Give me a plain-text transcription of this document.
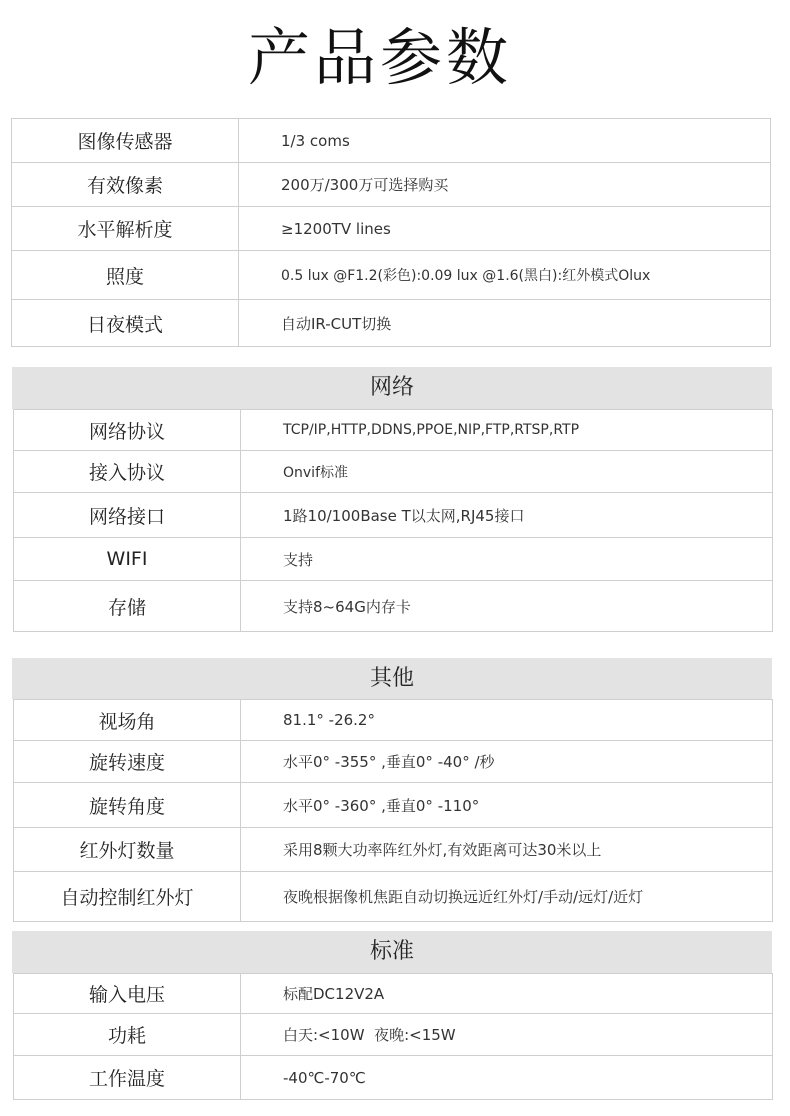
产品参数
图像传感器	1/3 coms
有效像素	200万/300万可选择购买
水平解析度	≥1200TV lines
照度	0.5 lux @F1.2(彩色):0.09 lux @1.6(黑白):红外模式Olux
日夜模式	自动IR-CUT切换
网络
网络协议	TCP/IP,HTTP,DDNS,PPOE,NIP,FTP,RTSP,RTP
接入协议	Onvif标准
网络接口	1路10/100Base T以太网,RJ45接口
WIFI	支持
存储	支持8~64G内存卡
其他
视场角	81.1° -26.2°
旋转速度	水平0° -355° ,垂直0° -40° /秒
旋转角度	水平0° -360° ,垂直0° -110°
红外灯数量	采用8颗大功率阵红外灯,有效距离可达30米以上
自动控制红外灯	夜晚根据像机焦距自动切换远近红外灯/手动/远灯/近灯
标准
输入电压	标配DC12V2A
功耗	白天:<10W  夜晚:<15W
工作温度	-40℃-70℃
